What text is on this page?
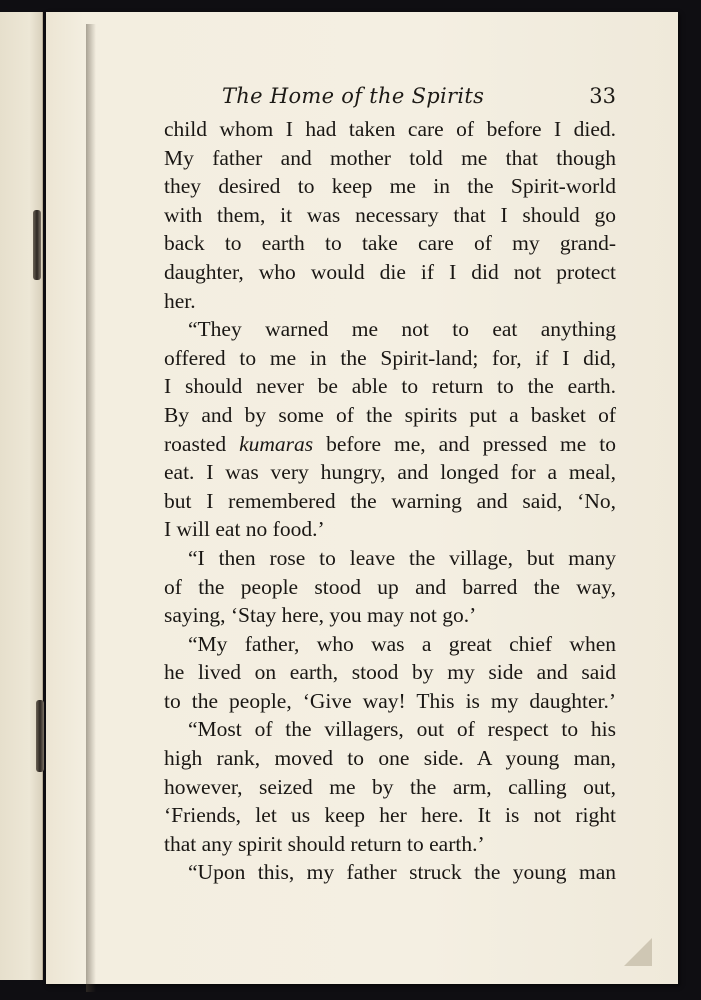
The Home of the Spirits	33
child whom I had taken care of before I died.
My father and mother told me that though
they desired to keep me in the Spirit-world
with them, it was necessary that I should go
back to earth to take care of my grand-
daughter, who would die if I did not protect
her.
“They warned me not to eat anything
offered to me in the Spirit-land; for, if I did,
I should never be able to return to the earth.
By and by some of the spirits put a basket of
roasted kumaras before me, and pressed me to
eat. I was very hungry, and longed for a meal,
but I remembered the warning and said, ‘No,
I will eat no food.’
“I then rose to leave the village, but many
of the people stood up and barred the way,
saying, ‘Stay here, you may not go.’
“My father, who was a great chief when
he lived on earth, stood by my side and said
to the people, ‘Give way! This is my daughter.’
“Most of the villagers, out of respect to his
high rank, moved to one side. A young man,
however, seized me by the arm, calling out,
‘Friends, let us keep her here. It is not right
that any spirit should return to earth.’
“Upon this, my father struck the young man
